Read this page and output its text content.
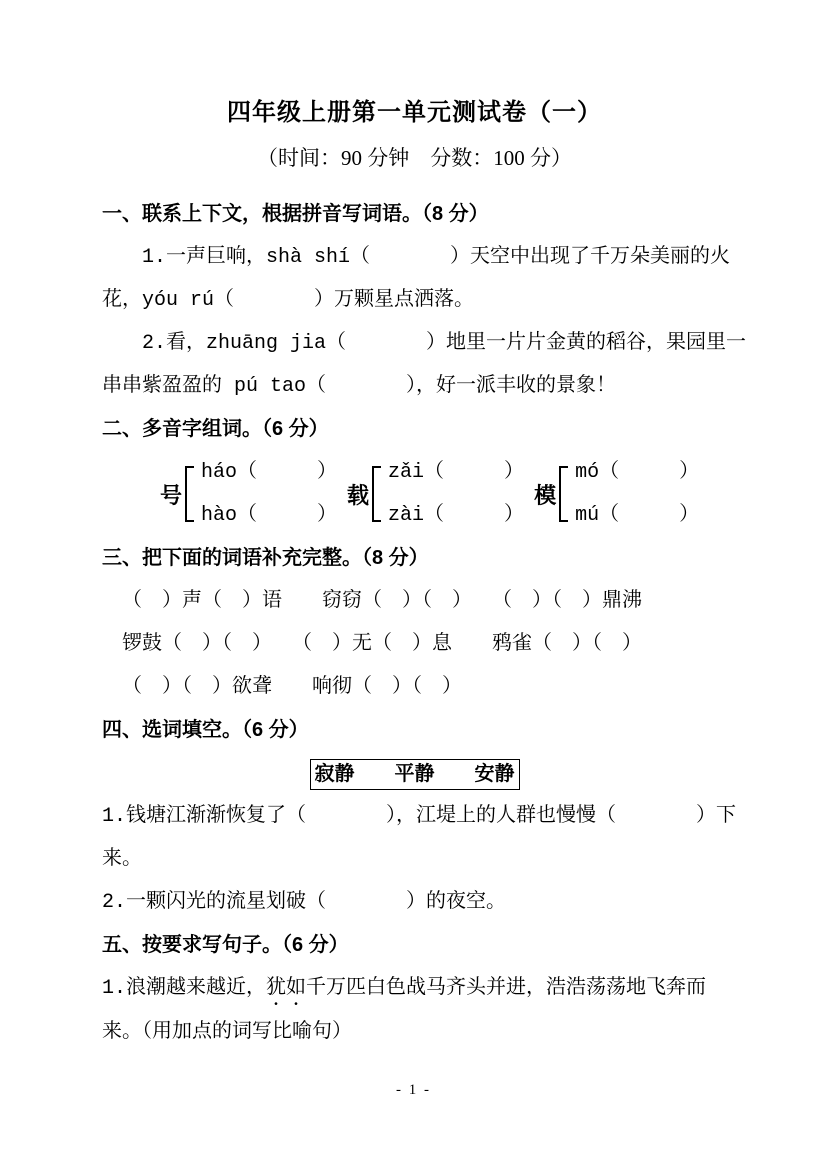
四年级上册第一单元测试卷（一）
（时间：90 分钟　分数：100 分）
一、联系上下文，根据拼音写词语。（8 分）
1.一声巨响，shà shí（　　　　）天空中出现了千万朵美丽的火
花，yóu rú（　　　　）万颗星点洒落。
2.看，zhuāng jia（　　　　）地里一片片金黄的稻谷，果园里一
串串紫盈盈的 pú tao（　　　　），好一派丰收的景象！
二、多音字组词。（6 分）
号
háo（　　　）
hào（　　　）
载
zǎi（　　　）
zài（　　　）
模
mó（　　　）
mú（　　　）
三、把下面的词语补充完整。（8 分）
（　）声（　）语　　窃窃（　）（　）　　（　）（　）鼎沸
锣鼓（　）（　）　　（　）无（　）息　　鸦雀（　）（　）
（　）（　）欲聋　　响彻（　）（　）
四、选词填空。（6 分）
寂静　　平静　　安静
1.钱塘江渐渐恢复了（　　　　），江堤上的人群也慢慢（　　　　）下
来。
2.一颗闪光的流星划破（　　　　）的夜空。
五、按要求写句子。（6 分）
1.浪潮越来越近，犹如千万匹白色战马齐头并进，浩浩荡荡地飞奔而
来。（用加点的词写比喻句）
- 1 -
